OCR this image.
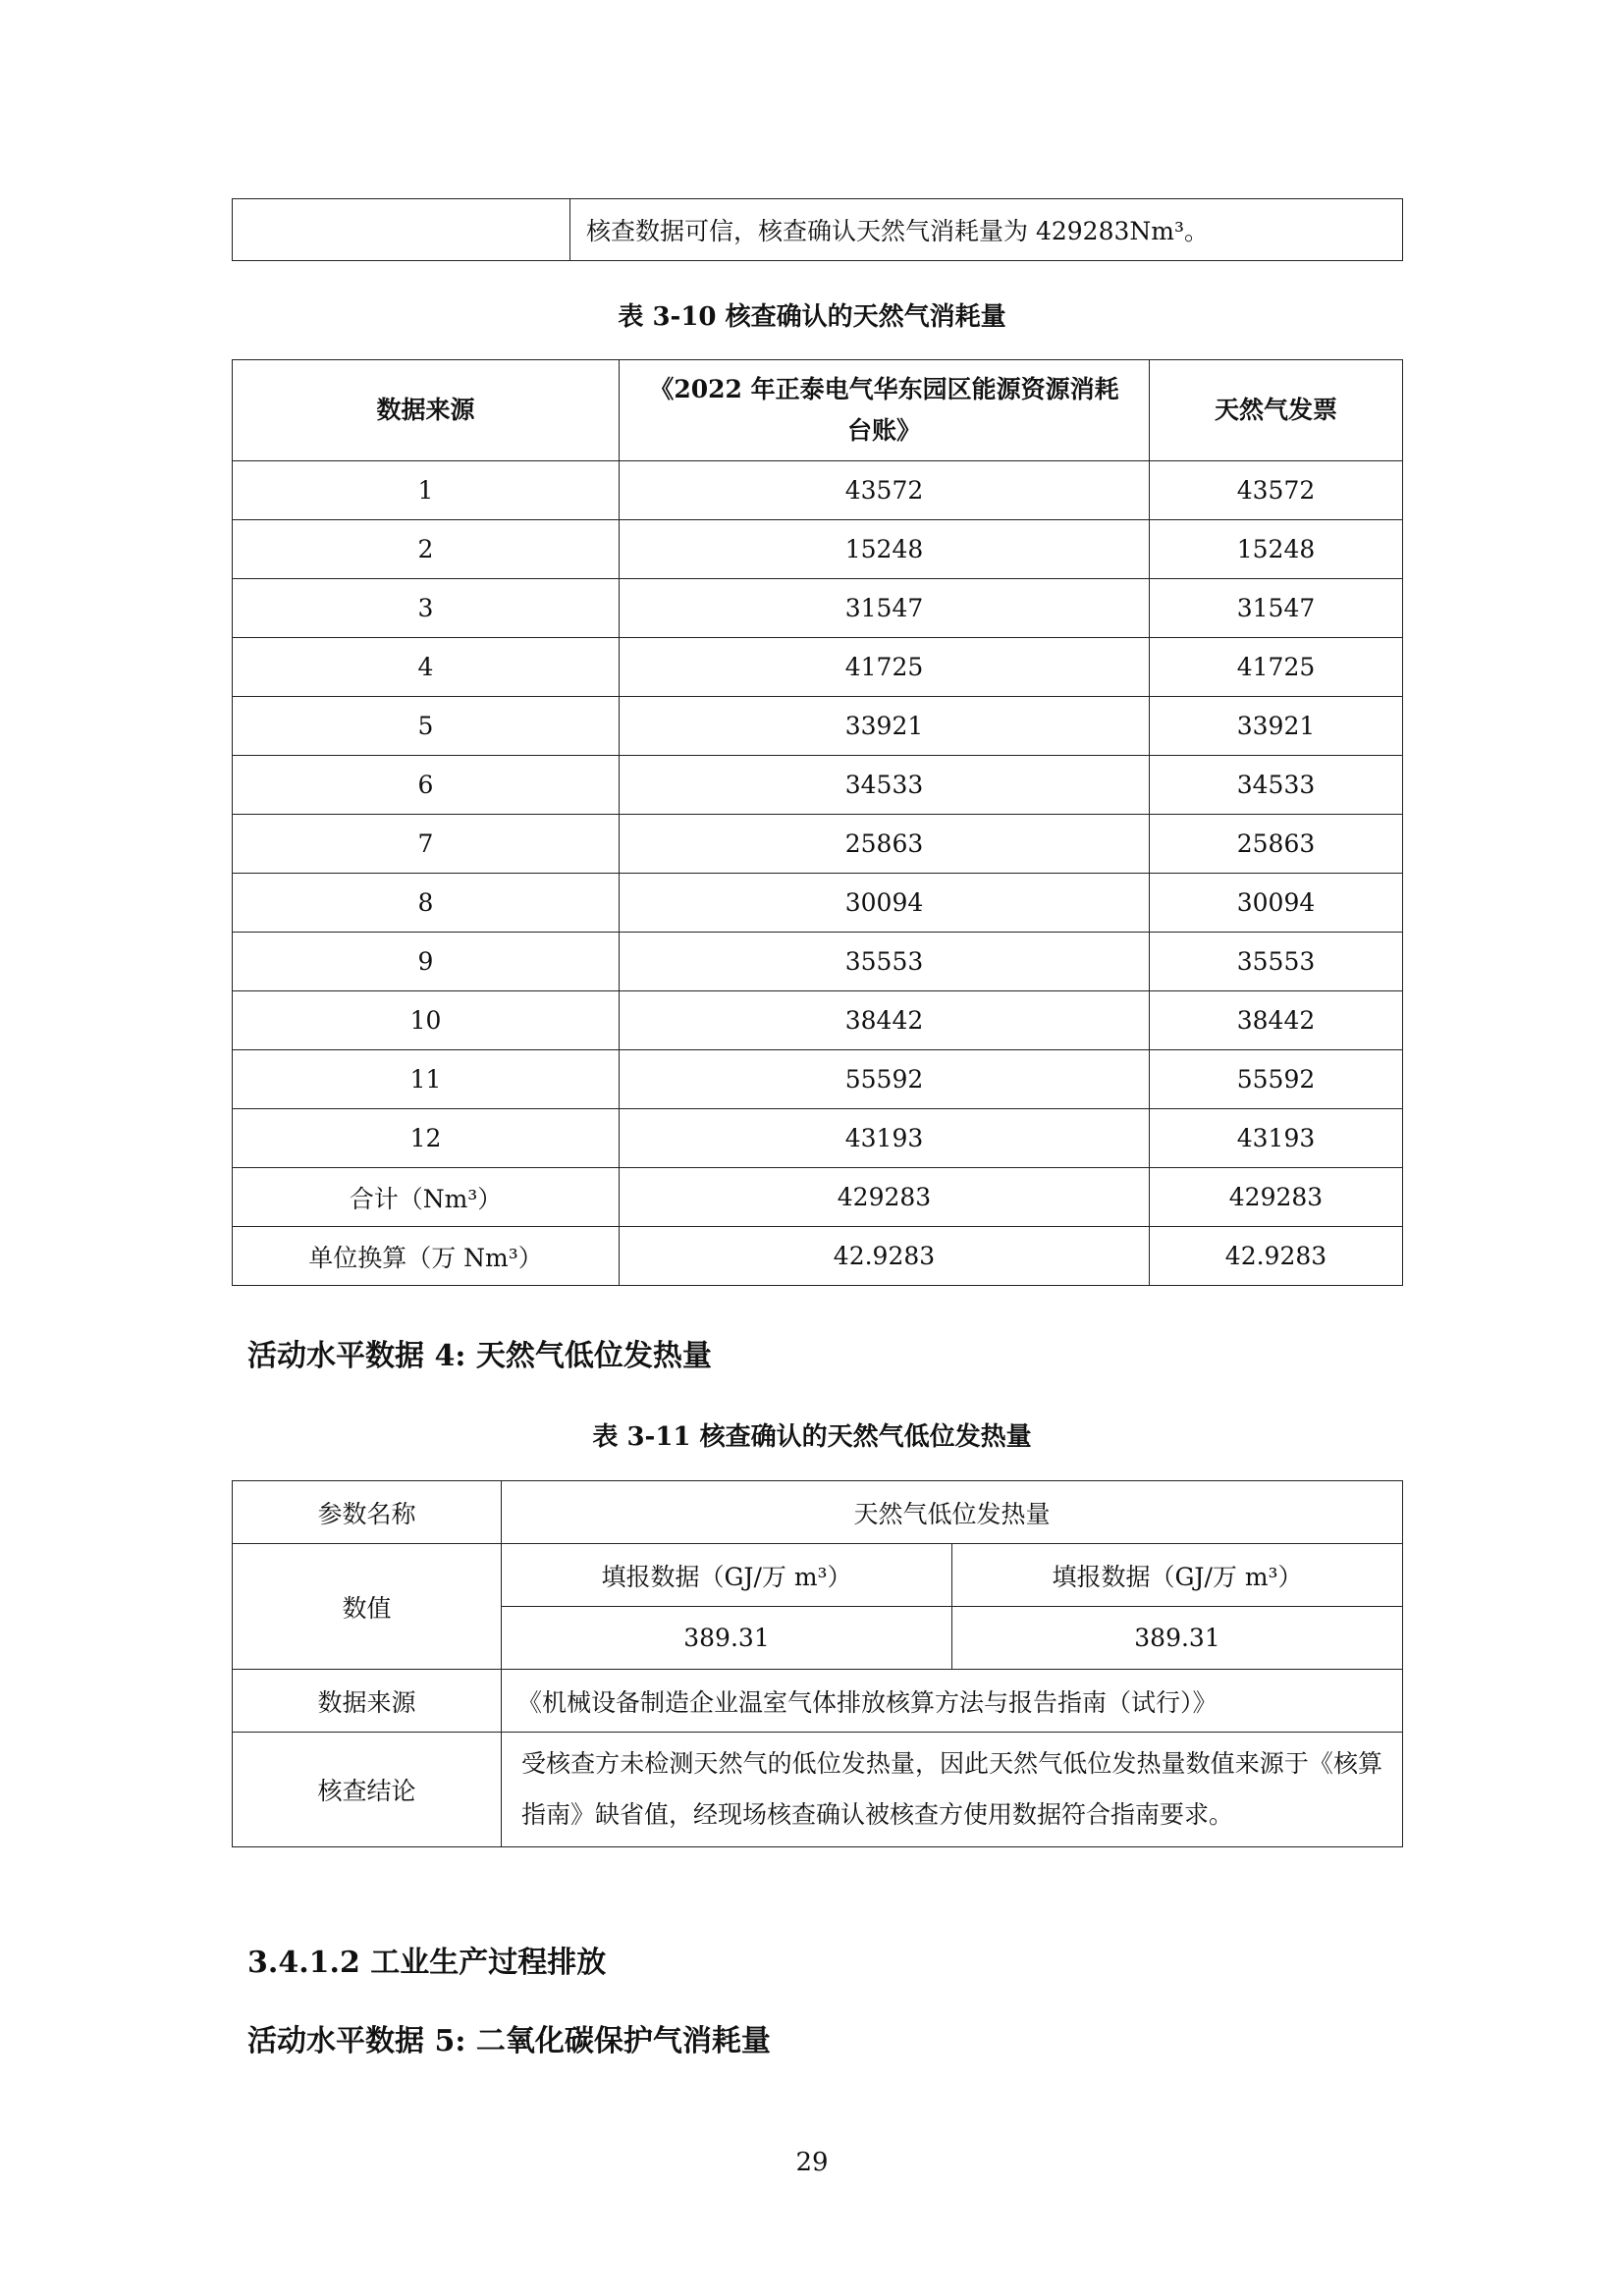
	核查数据可信，核查确认天然气消耗量为 429283Nm³。
表 3-10 核查确认的天然气消耗量
数据来源	《2022 年正泰电气华东园区能源资源消耗台账》	天然气发票
1	43572	43572
2	15248	15248
3	31547	31547
4	41725	41725
5	33921	33921
6	34533	34533
7	25863	25863
8	30094	30094
9	35553	35553
10	38442	38442
11	55592	55592
12	43193	43193
合计（Nm³）	429283	429283
单位换算（万 Nm³）	42.9283	42.9283
活动水平数据 4: 天然气低位发热量
表 3-11 核查确认的天然气低位发热量
参数名称	天然气低位发热量	
数值	填报数据（GJ/万 m³）	填报数据（GJ/万 m³）
	389.31	389.31
数据来源	《机械设备制造企业温室气体排放核算方法与报告指南（试行）》	
核查结论	受核查方未检测天然气的低位发热量，因此天然气低位发热量数值来源于《核算指南》缺省值，经现场核查确认被核查方使用数据符合指南要求。	
3.4.1.2 工业生产过程排放
活动水平数据 5: 二氧化碳保护气消耗量
29
